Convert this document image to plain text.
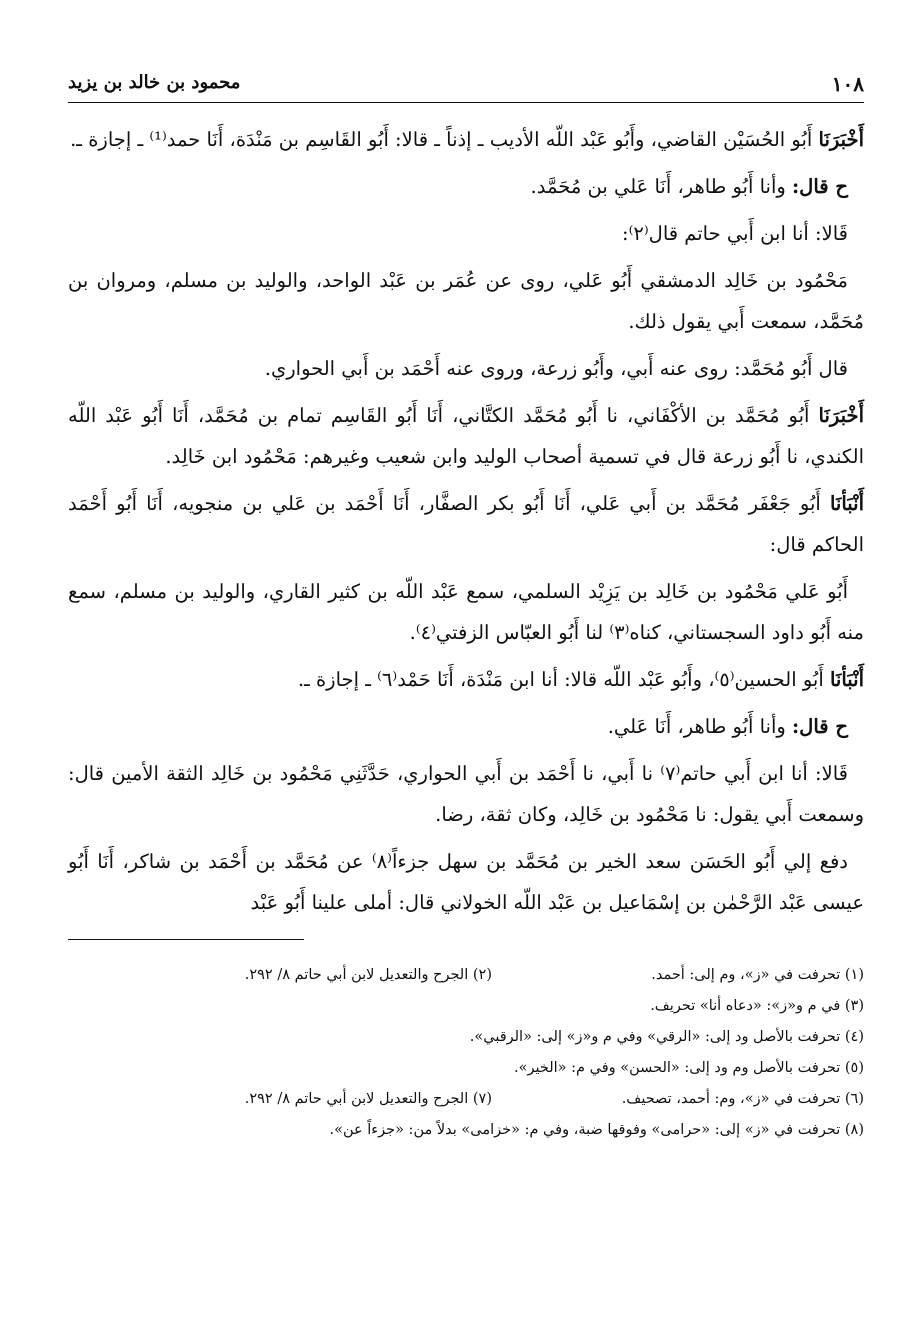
١٠٨
محمود بن خالد بن يزيد

أَخْبَرَنَا أَبُو الحُسَيْن القاضي، وأَبُو عَبْد اللّه الأديب ـ إذناً ـ قالا: أَبُو القَاسِم بن مَنْدَة، أَنَا حمد⁽¹⁾ ـ إجازة ـ.

ح قال: وأنا أَبُو طاهر، أَنَا عَلي بن مُحَمَّد.

قَالا: أنا ابن أَبي حاتم قال⁽٢⁾:

مَحْمُود بن خَالِد الدمشقي أَبُو عَلي، روى عن عُمَر بن عَبْد الواحد، والوليد بن مسلم، ومروان بن مُحَمَّد، سمعت أَبي يقول ذلك.

قال أَبُو مُحَمَّد: روى عنه أَبي، وأَبُو زرعة، وروى عنه أَحْمَد بن أَبي الحواري.

أَخْبَرَنَا أَبُو مُحَمَّد بن الأكْفَاني، نا أَبُو مُحَمَّد الكتَّاني، أَنَا أَبُو القَاسِم تمام بن مُحَمَّد، أَنَا أَبُو عَبْد اللّه الكندي، نا أَبُو زرعة قال في تسمية أصحاب الوليد وابن شعيب وغيرهم: مَحْمُود ابن خَالِد.

أَنْبَأنَا أَبُو جَعْفَر مُحَمَّد بن أَبي عَلي، أَنَا أَبُو بكر الصفَّار، أَنَا أَحْمَد بن عَلي بن منجويه، أَنَا أَبُو أَحْمَد الحاكم قال:

أَبُو عَلي مَحْمُود بن خَالِد بن يَزِيْد السلمي، سمع عَبْد اللّه بن كثير القاري، والوليد بن مسلم، سمع منه أَبُو داود السجستاني، كناه⁽٣⁾ لنا أَبُو العبّاس الزفتي⁽٤⁾.

أَنْبَأنَا أَبُو الحسين⁽٥⁾، وأَبُو عَبْد اللّه قالا: أنا ابن مَنْدَة، أَنَا حَمْد⁽٦⁾ ـ إجازة ـ.

ح قال: وأنا أَبُو طاهر، أَنَا عَلي.

قَالا: أنا ابن أَبي حاتم⁽٧⁾ نا أَبي، نا أَحْمَد بن أَبي الحواري، حَدَّثَنِي مَحْمُود بن خَالِد الثقة الأمين قال: وسمعت أَبي يقول: نا مَحْمُود بن خَالِد، وكان ثقة، رضا.

دفع إلي أَبُو الحَسَن سعد الخير بن مُحَمَّد بن سهل جزءاً⁽٨⁾ عن مُحَمَّد بن أَحْمَد بن شاكر، أَنَا أَبُو عيسى عَبْد الرَّحْمٰن بن إسْمَاعيل بن عَبْد اللّه الخولاني قال: أملى علينا أَبُو عَبْد

(١) تحرفت في «ز»، وم إلى: أحمد.
(٢) الجرح والتعديل لابن أبي حاتم ٨/ ٢٩٢.
(٣) في م و«ز»: «دعاه أنا» تحريف.
(٤) تحرفت بالأصل ود إلى: «الرقي» وفي م و«ز» إلى: «الرقبي».
(٥) تحرفت بالأصل وم ود إلى: «الحسن» وفي م: «الخير».
(٦) تحرفت في «ز»، وم: أحمد، تصحيف.
(٧) الجرح والتعديل لابن أبي حاتم ٨/ ٢٩٢.
(٨) تحرفت في «ز» إلى: «حرامى» وفوقها ضبة، وفي م: «خزامى» بدلاً من: «جزءاً عن».
